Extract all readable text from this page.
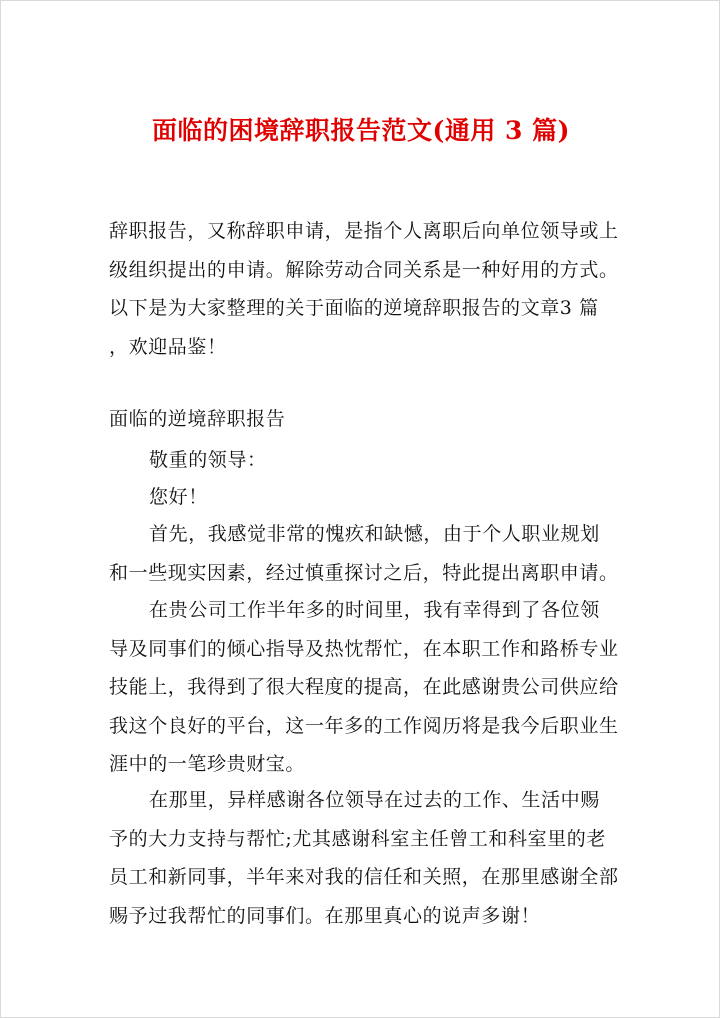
面临的困境辞职报告范文(通用 3 篇)

辞职报告，又称辞职申请，是指个人离职后向单位领导或上级组织提出的申请。解除劳动合同关系是一种好用的方式。以下是为大家整理的关于面临的逆境辞职报告的文章3 篇 ，欢迎品鉴！

面临的逆境辞职报告

敬重的领导：

您好！

首先，我感觉非常的愧疚和缺憾，由于个人职业规划和一些现实因素，经过慎重探讨之后，特此提出离职申请。

在贵公司工作半年多的时间里，我有幸得到了各位领导及同事们的倾心指导及热忱帮忙，在本职工作和路桥专业技能上，我得到了很大程度的提高，在此感谢贵公司供应给我这个良好的平台，这一年多的工作阅历将是我今后职业生涯中的一笔珍贵财宝。

在那里，异样感谢各位领导在过去的工作、生活中赐予的大力支持与帮忙;尤其感谢科室主任曾工和科室里的老员工和新同事，半年来对我的信任和关照，在那里感谢全部赐予过我帮忙的同事们。在那里真心的说声多谢！
